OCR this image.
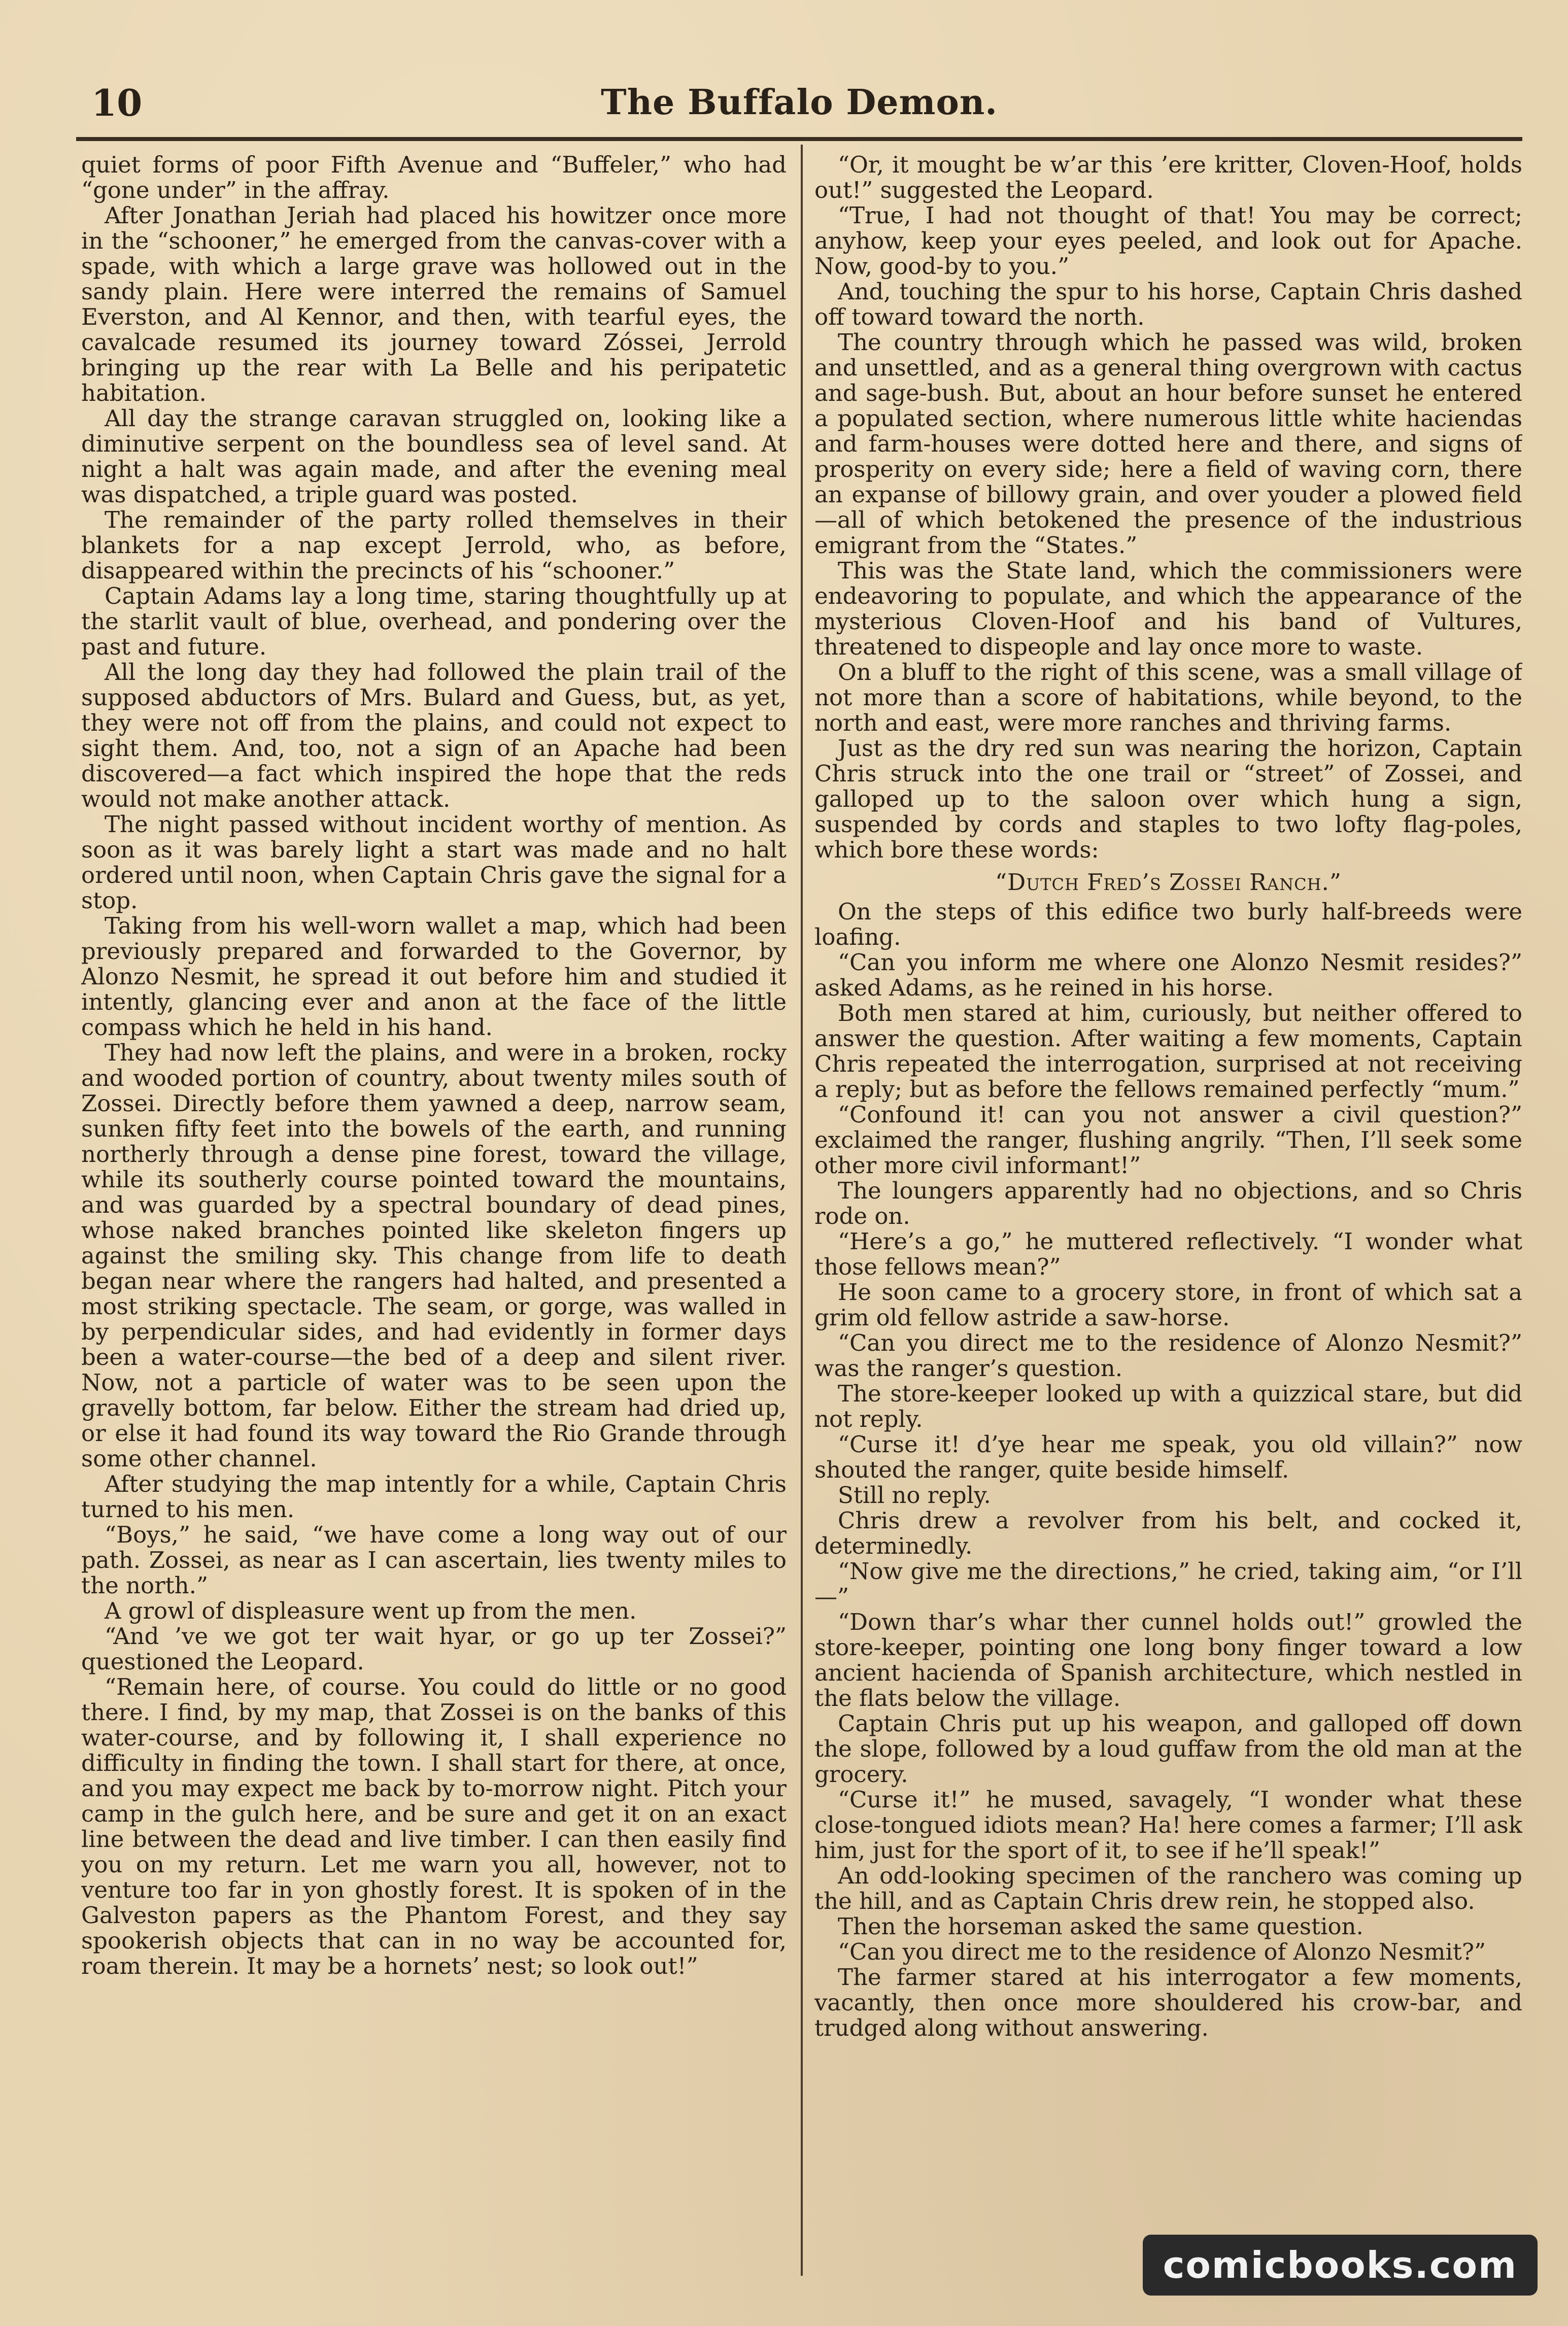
10	The Buffalo Demon.

quiet forms of poor Fifth Avenue and “Buffeler,” who had “gone under” in the affray.

After Jonathan Jeriah had placed his howitzer once more in the “schooner,” he emerged from the canvas-cover with a spade, with which a large grave was hollowed out in the sandy plain. Here were interred the remains of Samuel Everston, and Al Kennor, and then, with tearful eyes, the cavalcade resumed its journey toward Zóssei, Jerrold bringing up the rear with La Belle and his peripatetic habitation.

All day the strange caravan struggled on, looking like a diminutive serpent on the boundless sea of level sand. At night a halt was again made, and after the evening meal was dispatched, a triple guard was posted.

The remainder of the party rolled themselves in their blankets for a nap except Jerrold, who, as before, disappeared within the precincts of his “schooner.”

Captain Adams lay a long time, staring thoughtfully up at the starlit vault of blue, overhead, and pondering over the past and future.

All the long day they had followed the plain trail of the supposed abductors of Mrs. Bulard and Guess, but, as yet, they were not off from the plains, and could not expect to sight them. And, too, not a sign of an Apache had been discovered—a fact which inspired the hope that the reds would not make another attack.

The night passed without incident worthy of mention. As soon as it was barely light a start was made and no halt ordered until noon, when Captain Chris gave the signal for a stop.

Taking from his well-worn wallet a map, which had been previously prepared and forwarded to the Governor, by Alonzo Nesmit, he spread it out before him and studied it intently, glancing ever and anon at the face of the little compass which he held in his hand.

They had now left the plains, and were in a broken, rocky and wooded portion of country, about twenty miles south of Zossei. Directly before them yawned a deep, narrow seam, sunken fifty feet into the bowels of the earth, and running northerly through a dense pine forest, toward the village, while its southerly course pointed toward the mountains, and was guarded by a spectral boundary of dead pines, whose naked branches pointed like skeleton fingers up against the smiling sky. This change from life to death began near where the rangers had halted, and presented a most striking spectacle. The seam, or gorge, was walled in by perpendicular sides, and had evidently in former days been a water-course—the bed of a deep and silent river. Now, not a particle of water was to be seen upon the gravelly bottom, far below. Either the stream had dried up, or else it had found its way toward the Rio Grande through some other channel.

After studying the map intently for a while, Captain Chris turned to his men.

“Boys,” he said, “we have come a long way out of our path. Zossei, as near as I can ascertain, lies twenty miles to the north.”

A growl of displeasure went up from the men.

“And ’ve we got ter wait hyar, or go up ter Zossei?” questioned the Leopard.

“Remain here, of course. You could do little or no good there. I find, by my map, that Zossei is on the banks of this water-course, and by following it, I shall experience no difficulty in finding the town. I shall start for there, at once, and you may expect me back by to-morrow night. Pitch your camp in the gulch here, and be sure and get it on an exact line between the dead and live timber. I can then easily find you on my return. Let me warn you all, however, not to venture too far in yon ghostly forest. It is spoken of in the Galveston papers as the Phantom Forest, and they say spookerish objects that can in no way be accounted for, roam therein. It may be a hornets’ nest; so look out!”

“Or, it mought be w’ar this ’ere kritter, Cloven-Hoof, holds out!” suggested the Leopard.

“True, I had not thought of that! You may be correct; anyhow, keep your eyes peeled, and look out for Apache. Now, good-by to you.”

And, touching the spur to his horse, Captain Chris dashed off toward toward the north.

The country through which he passed was wild, broken and unsettled, and as a general thing overgrown with cactus and sage-bush. But, about an hour before sunset he entered a populated section, where numerous little white haciendas and farm-houses were dotted here and there, and signs of prosperity on every side; here a field of waving corn, there an expanse of billowy grain, and over youder a plowed field—all of which betokened the presence of the industrious emigrant from the “States.”

This was the State land, which the commissioners were endeavoring to populate, and which the appearance of the mysterious Cloven-Hoof and his band of Vultures, threatened to dispeople and lay once more to waste.

On a bluff to the right of this scene, was a small village of not more than a score of habitations, while beyond, to the north and east, were more ranches and thriving farms.

Just as the dry red sun was nearing the horizon, Captain Chris struck into the one trail or “street” of Zossei, and galloped up to the saloon over which hung a sign, suspended by cords and staples to two lofty flag-poles, which bore these words:

“Dutch Fred’s Zossei Ranch.”

On the steps of this edifice two burly half-breeds were loafing.

“Can you inform me where one Alonzo Nesmit resides?” asked Adams, as he reined in his horse.

Both men stared at him, curiously, but neither offered to answer the question. After waiting a few moments, Captain Chris repeated the interrogation, surprised at not receiving a reply; but as before the fellows remained perfectly “mum.”

“Confound it! can you not answer a civil question?” exclaimed the ranger, flushing angrily. “Then, I’ll seek some other more civil informant!”

The loungers apparently had no objections, and so Chris rode on.

“Here’s a go,” he muttered reflectively. “I wonder what those fellows mean?”

He soon came to a grocery store, in front of which sat a grim old fellow astride a saw-horse.

“Can you direct me to the residence of Alonzo Nesmit?” was the ranger’s question.

The store-keeper looked up with a quizzical stare, but did not reply.

“Curse it! d’ye hear me speak, you old villain?” now shouted the ranger, quite beside himself.

Still no reply.

Chris drew a revolver from his belt, and cocked it, determinedly.

“Now give me the directions,” he cried, taking aim, “or I’ll—”

“Down thar’s whar ther cunnel holds out!” growled the store-keeper, pointing one long bony finger toward a low ancient hacienda of Spanish architecture, which nestled in the flats below the village.

Captain Chris put up his weapon, and galloped off down the slope, followed by a loud guffaw from the old man at the grocery.

“Curse it!” he mused, savagely, “I wonder what these close-tongued idiots mean? Ha! here comes a farmer; I’ll ask him, just for the sport of it, to see if he’ll speak!”

An odd-looking specimen of the ranchero was coming up the hill, and as Captain Chris drew rein, he stopped also.

Then the horseman asked the same question.

“Can you direct me to the residence of Alonzo Nesmit?”

The farmer stared at his interrogator a few moments, vacantly, then once more shouldered his crow-bar, and trudged along without answering.

comicbooks.com
